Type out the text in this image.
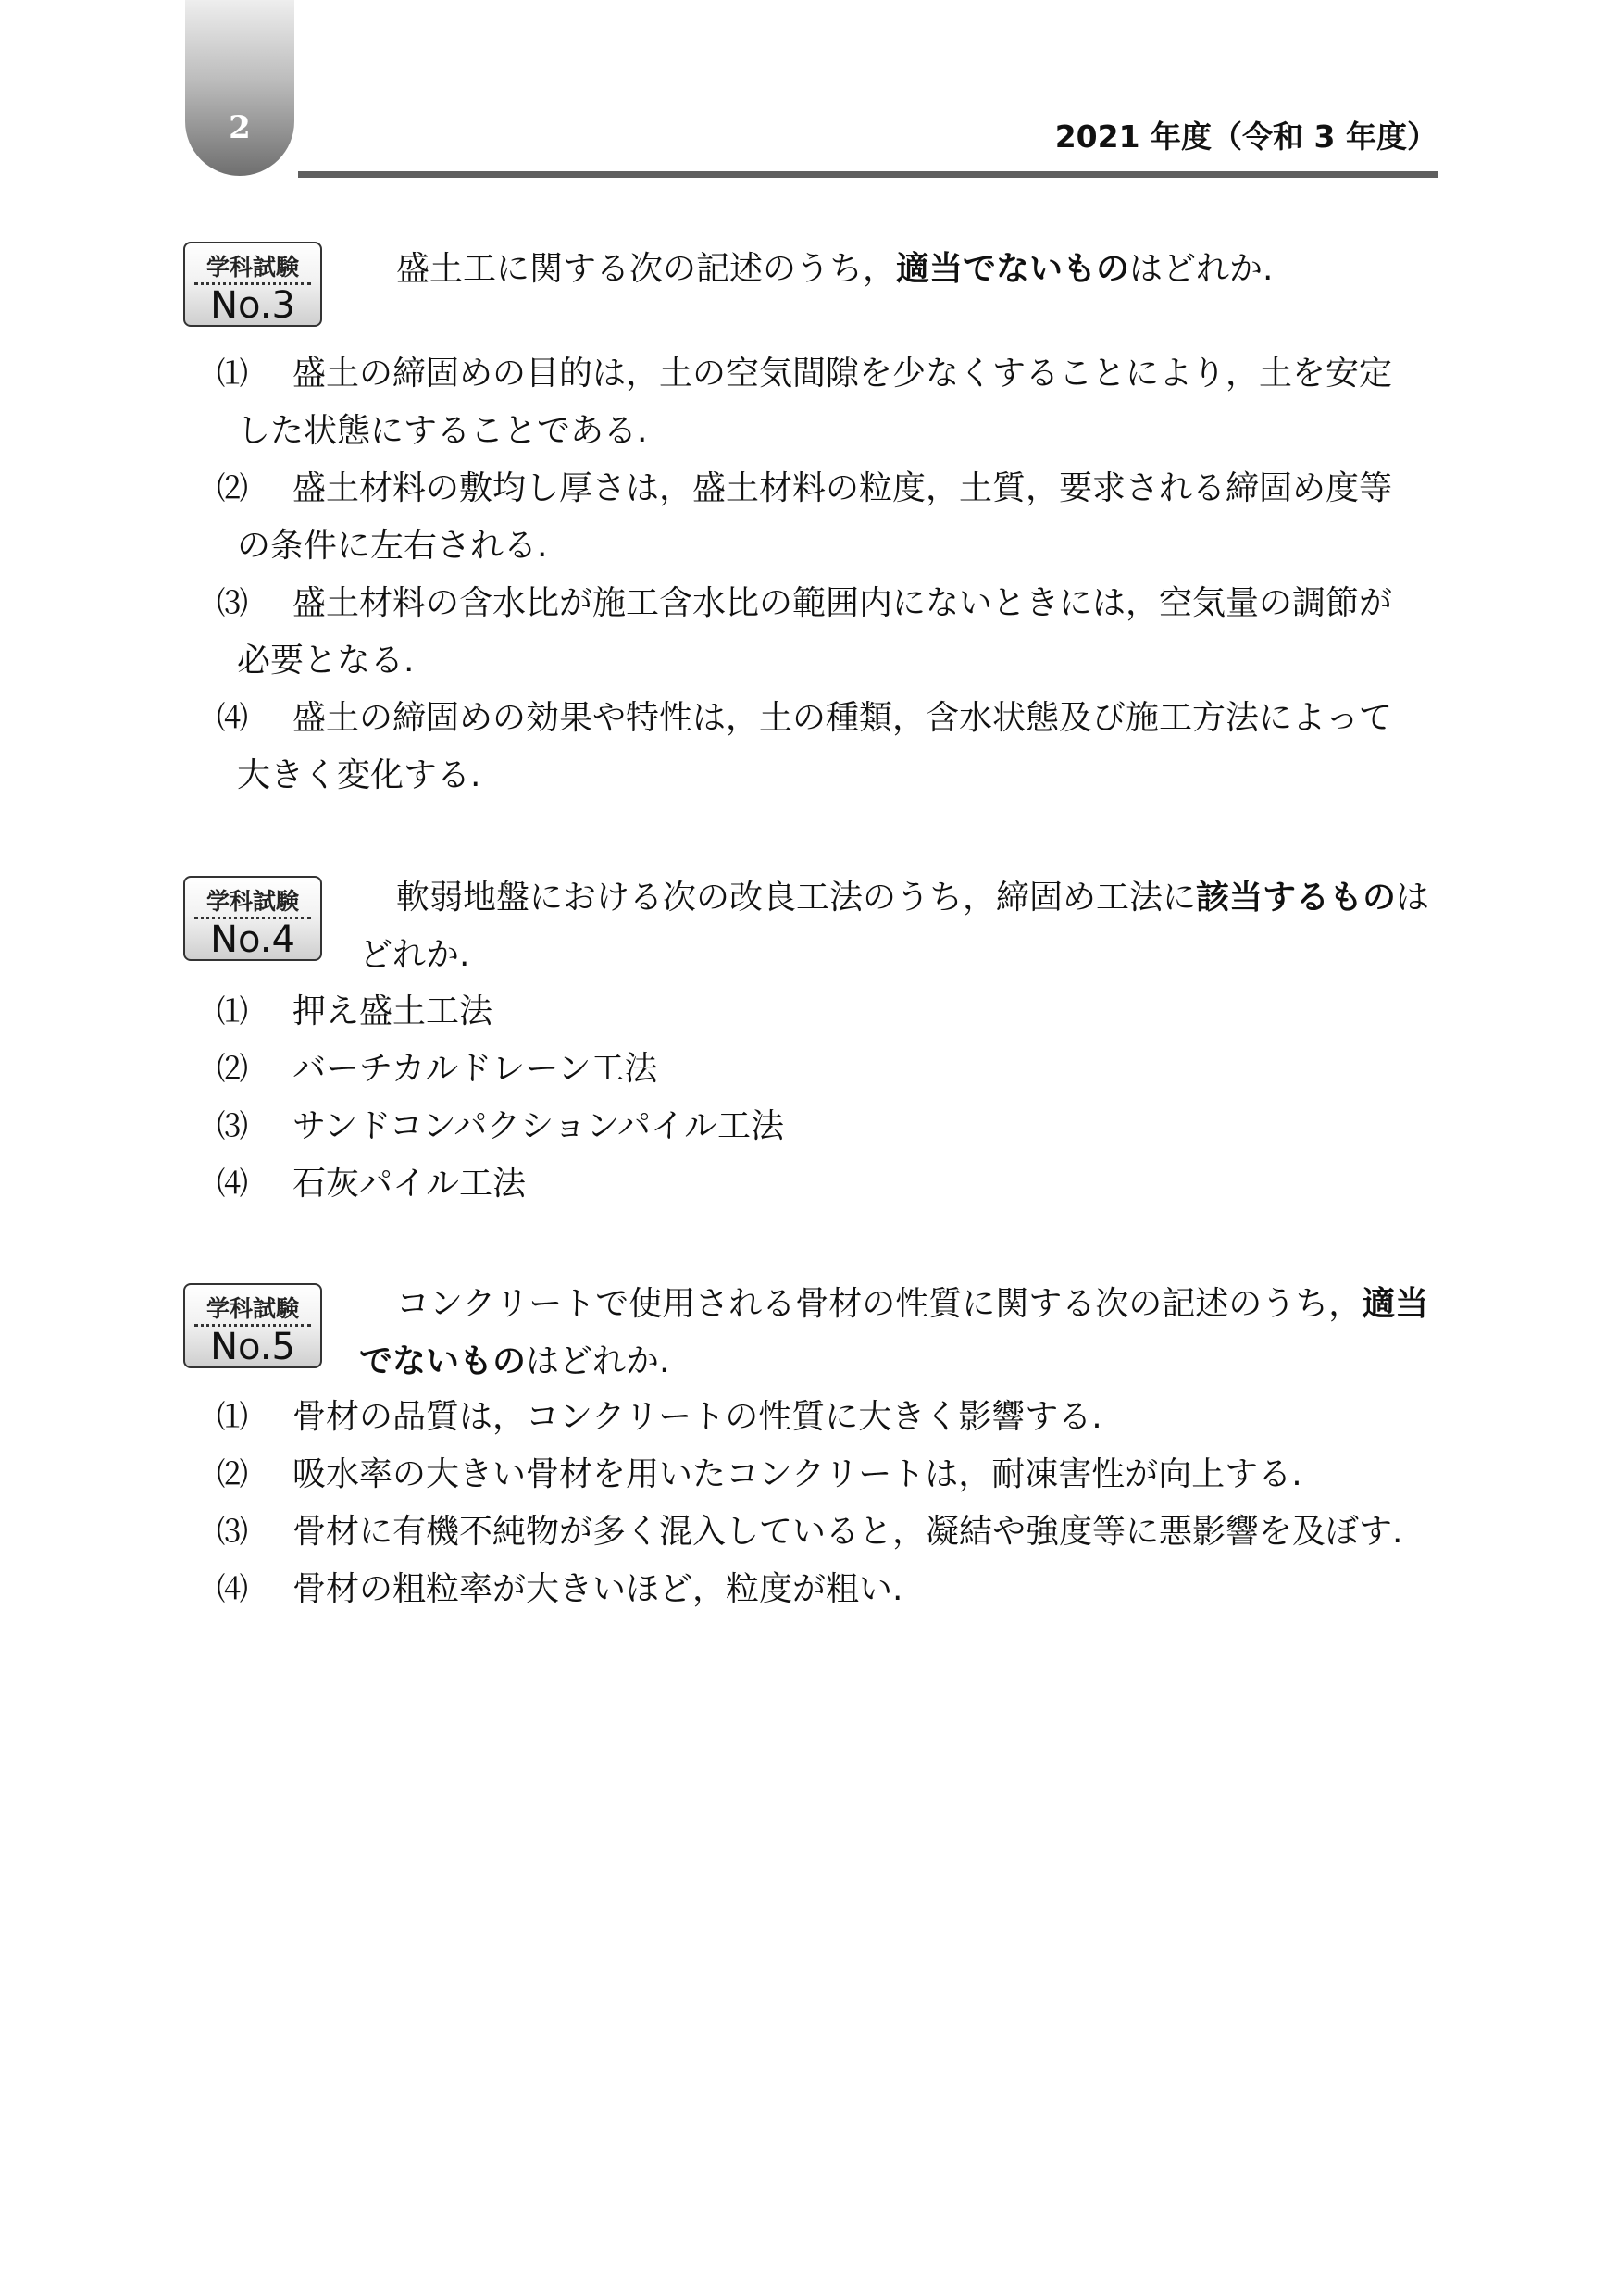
2	2021 年度（令和 3 年度）
学科試験
No.3
盛土工に関する次の記述のうち，適当でないものはどれか.
⑴ 盛土の締固めの目的は，土の空気間隙を少なくすることにより，土を安定
した状態にすることである.
⑵ 盛土材料の敷均し厚さは，盛土材料の粒度，土質，要求される締固め度等
の条件に左右される.
⑶ 盛土材料の含水比が施工含水比の範囲内にないときには，空気量の調節が
必要となる.
⑷ 盛土の締固めの効果や特性は，土の種類，含水状態及び施工方法によって
大きく変化する.
学科試験
No.4
軟弱地盤における次の改良工法のうち，締固め工法に該当するものはどれか.
⑴ 押え盛土工法
⑵ バーチカルドレーン工法
⑶ サンドコンパクションパイル工法
⑷ 石灰パイル工法
学科試験
No.5
コンクリートで使用される骨材の性質に関する次の記述のうち，適当でないものはどれか.
⑴ 骨材の品質は，コンクリートの性質に大きく影響する.
⑵ 吸水率の大きい骨材を用いたコンクリートは，耐凍害性が向上する.
⑶ 骨材に有機不純物が多く混入していると，凝結や強度等に悪影響を及ぼす.
⑷ 骨材の粗粒率が大きいほど，粒度が粗い.
